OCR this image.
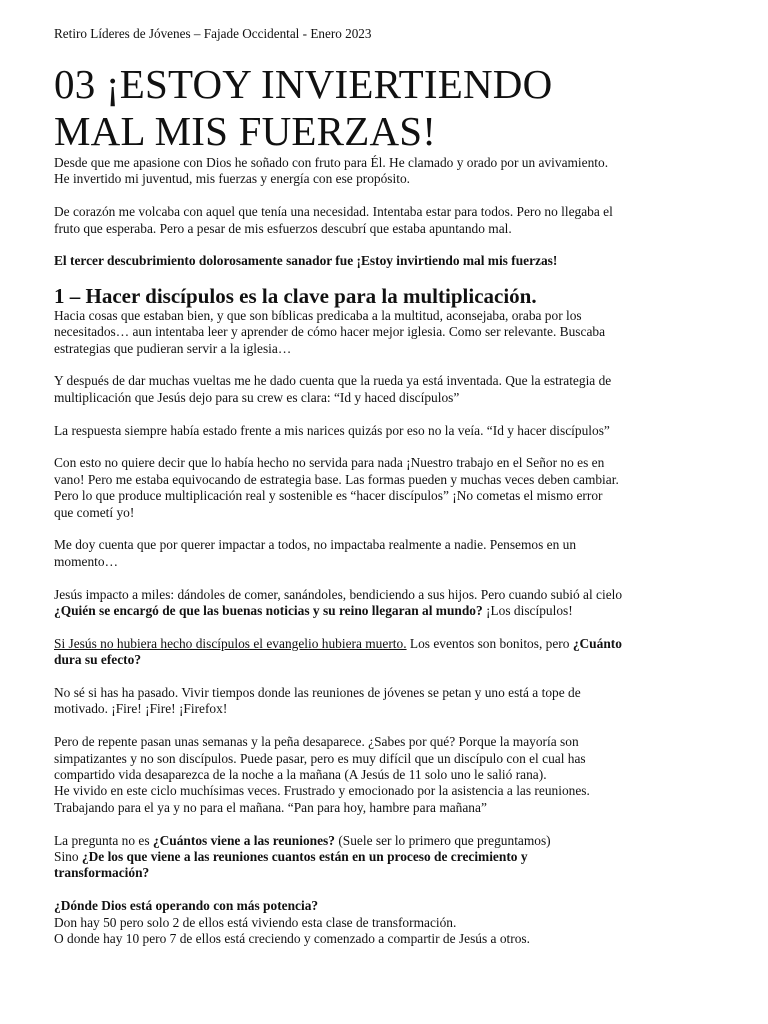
Retiro Líderes de Jóvenes – Fajade Occidental - Enero 2023

03 ¡ESTOY INVIERTIENDO
MAL MIS FUERZAS!

Desde que me apasione con Dios he soñado con fruto para Él. He clamado y orado por un avivamiento.
He invertido mi juventud, mis fuerzas y energía con ese propósito.

De corazón me volcaba con aquel que tenía una necesidad. Intentaba estar para todos. Pero no llegaba el
fruto que esperaba. Pero a pesar de mis esfuerzos descubrí que estaba apuntando mal.

El tercer descubrimiento dolorosamente sanador fue ¡Estoy invirtiendo mal mis fuerzas!

1 – Hacer discípulos es la clave para la multiplicación.

Hacia cosas que estaban bien, y que son bíblicas predicaba a la multitud, aconsejaba, oraba por los
necesitados… aun intentaba leer y aprender de cómo hacer mejor iglesia. Como ser relevante. Buscaba
estrategias que pudieran servir a la iglesia…

Y después de dar muchas vueltas me he dado cuenta que la rueda ya está inventada. Que la estrategia de
multiplicación que Jesús dejo para su crew es clara: “Id y haced discípulos”

La respuesta siempre había estado frente a mis narices quizás por eso no la veía. “Id y hacer discípulos”

Con esto no quiere decir que lo había hecho no servida para nada ¡Nuestro trabajo en el Señor no es en
vano! Pero me estaba equivocando de estrategia base. Las formas pueden y muchas veces deben cambiar.
Pero lo que produce multiplicación real y sostenible es “hacer discípulos” ¡No cometas el mismo error
que cometí yo!

Me doy cuenta que por querer impactar a todos, no impactaba realmente a nadie. Pensemos en un
momento…

Jesús impacto a miles: dándoles de comer, sanándoles, bendiciendo a sus hijos. Pero cuando subió al cielo
¿Quién se encargó de que las buenas noticias y su reino llegaran al mundo? ¡Los discípulos!

Si Jesús no hubiera hecho discípulos el evangelio hubiera muerto. Los eventos son bonitos, pero ¿Cuánto
dura su efecto?

No sé si has ha pasado. Vivir tiempos donde las reuniones de jóvenes se petan y uno está a tope de
motivado. ¡Fire! ¡Fire! ¡Firefox!

Pero de repente pasan unas semanas y la peña desaparece. ¿Sabes por qué? Porque la mayoría son
simpatizantes y no son discípulos. Puede pasar, pero es muy difícil que un discípulo con el cual has
compartido vida desaparezca de la noche a la mañana (A Jesús de 11 solo uno le salió rana).
He vivido en este ciclo muchísimas veces. Frustrado y emocionado por la asistencia a las reuniones.
Trabajando para el ya y no para el mañana. “Pan para hoy, hambre para mañana”

La pregunta no es ¿Cuántos viene a las reuniones? (Suele ser lo primero que preguntamos)
Sino ¿De los que viene a las reuniones cuantos están en un proceso de crecimiento y
transformación?

¿Dónde Dios está operando con más potencia?
Don hay 50 pero solo 2 de ellos está viviendo esta clase de transformación.
O donde hay 10 pero 7 de ellos está creciendo y comenzado a compartir de Jesús a otros.
